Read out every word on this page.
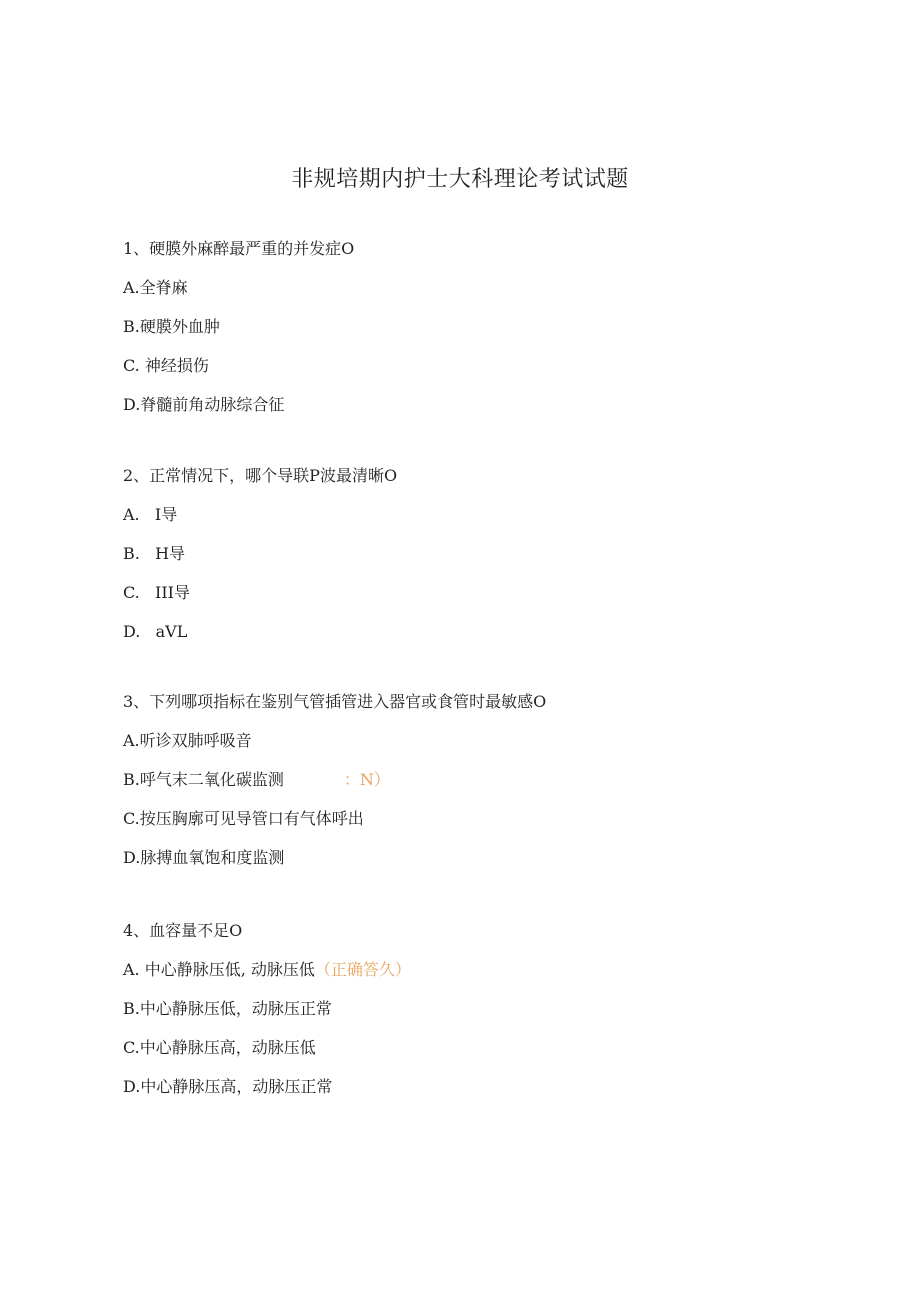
非规培期内护士大科理论考试试题
1、硬膜外麻醉最严重的并发症O
A.全脊麻
B.硬膜外血肿
C. 神经损伤
D.脊髓前角动脉综合征
2、正常情况下，哪个导联P波最清晰O
A.   I导
B.   H导
C.   III导
D.   aVL
3、下列哪项指标在鉴别气管插管进入器官或食管时最敏感O
A.听诊双肺呼吸音
B.呼气末二氧化碳监测	：N）
C.按压胸廓可见导管口有气体呼出
D.脉搏血氧饱和度监测
4、血容量不足O
A. 中心静脉压低, 动脉压低（正确答久）
B.中心静脉压低，动脉压正常
C.中心静脉压高，动脉压低
D.中心静脉压高，动脉压正常
